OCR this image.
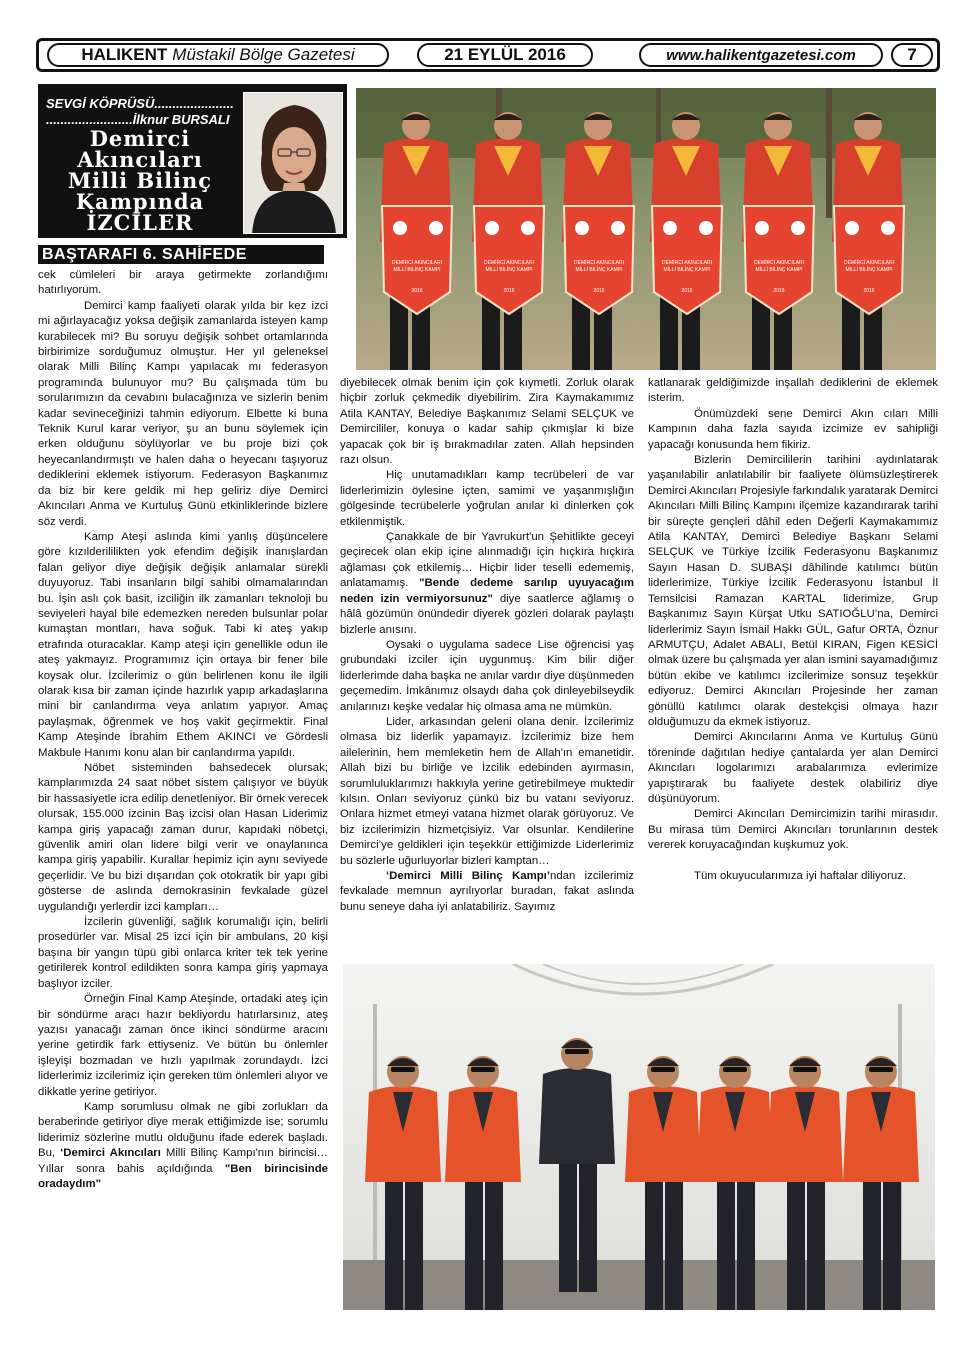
HALIKENT Müstakil Bölge Gazetesi	21 EYLÜL 2016	www.halikentgazetesi.com	7
SEVGİ KÖPRÜSÜ......................
........................İlknur BURSALI
Demirci
Akıncıları
Milli Bilinç
Kampında
İZCİLER
BAŞTARAFI 6. SAHİFEDE

cek cümleleri bir araya getirmekte zorlandığımı hatırlıyorum.

Demirci kamp faaliyeti olarak yılda bir kez izci mi ağırlayacağız yoksa değişik zamanlarda isteyen kamp kurabilecek mi? Bu soruyu değişik sohbet ortamlarında birbirimize sorduğumuz olmuştur. Her yıl geleneksel olarak Milli Bilinç Kampı yapılacak mı federasyon programında bulunuyor mu? Bu çalışmada tüm bu sorularımızın da cevabını bulacağınıza ve sizlerin benim kadar sevineceğinizi tahmin ediyorum. Elbette ki buna Teknik Kurul karar veriyor, şu an bunu söylemek için erken olduğunu söylüyorlar ve bu proje bizi çok heyecanlandırmıştı ve halen daha o heyecanı taşıyoruz dediklerini eklemek istiyorum. Federasyon Başkanımız da biz bir kere geldik mi hep geliriz diye Demirci Akıncıları Anma ve Kurtuluş Günü etkinliklerinde bizlere söz verdi.

Kamp Ateşi aslında kimi yanlış düşüncelere göre kızılderililikten yok efendim değişik inanışlardan falan geliyor diye değişik değişik anlamalar sürekli duyuyoruz. Tabi insanların bilgi sahibi olmamalarından bu. İşin aslı çok basit, izciliğin ilk zamanları teknoloji bu seviyeleri hayal bile edemezken nereden bulsunlar polar kumaştan montları, hava soğuk. Tabi ki ateş yakıp etrafında oturacaklar. Kamp ateşi için genellikle odun ile ateş yakmayız. Programımız için ortaya bir fener bile koysak olur. İzcilerimiz o gün belirlenen konu ile ilgili olarak kısa bir zaman içinde hazırlık yapıp arkadaşlarına mini bir canlandırma veya anlatım yapıyor. Amaç paylaşmak, öğrenmek ve hoş vakit geçirmektir. Final Kamp Ateşinde İbrahim Ethem AKINCI ve Gördesli Makbule Hanımı konu alan bir canlandırma yapıldı.

Nöbet sisteminden bahsedecek olursak; kamplarımızda 24 saat nöbet sistem çalışıyor ve büyük bir hassasiyetle icra edilip denetleniyor. Bir örnek verecek olursak, 155.000 izcinin Baş izcisi olan Hasan Liderimiz kampa giriş yapacağı zaman durur, kapıdaki nöbetçi, güvenlik amiri olan lidere bilgi verir ve onaylanınca kampa giriş yapabilir. Kurallar hepimiz için aynı seviyede geçerlidir. Ve bu bizi dışarıdan çok otokratik bir yapı gibi gösterse de aslında demokrasinin fevkalade güzel uygulandığı yerlerdir izci kampları…

İzcilerin güvenliği, sağlık korumalığı için, belirli prosedürler var. Misal 25 izci için bir ambulans, 20 kişi başına bir yangın tüpü gibi onlarca kriter tek tek yerine getirilerek kontrol edildikten sonra kampa giriş yapmaya başlıyor izciler.

Örneğin Final Kamp Ateşinde, ortadaki ateş için bir söndürme aracı hazır bekliyordu hatırlarsınız, ateş yazısı yanacağı zaman önce ikinci söndürme aracını yerine getirdik fark ettiyseniz. Ve bütün bu önlemler işleyişi bozmadan ve hızlı yapılmak zorundaydı. İzci liderlerimiz izcilerimiz için gereken tüm önlemleri alıyor ve dikkatle yerine getiriyor.

Kamp sorumlusu olmak ne gibi zorlukları da beraberinde getiriyor diye merak ettiğimizde ise; sorumlu liderimiz sözlerine mutlu olduğunu ifade ederek başladı. Bu, ‘Demirci Akıncıları Milli Bilinç Kampı'nın birincisi… Yıllar sonra bahis açıldığında "Ben birincisinde oradaydım"

DEMİRCİ AKINCILARI
MİLLİ BİLİNÇ KAMPI
2016
DEMİRCİ AKINCILARI
MİLLİ BİLİNÇ KAMPI
2016
DEMİRCİ AKINCILARI
MİLLİ BİLİNÇ KAMPI
2016
DEMİRCİ AKINCILARI
MİLLİ BİLİNÇ KAMPI
2016
DEMİRCİ AKINCILARI
MİLLİ BİLİNÇ KAMPI
2016
DEMİRCİ AKINCILARI
MİLLİ BİLİNÇ KAMPI
2016

diyebilecek olmak benim için çok kıymetli. Zorluk olarak hiçbir zorluk çekmedik diyebilirim. Zira Kaymakamımız Atila KANTAY, Belediye Başkanımız Selami SELÇUK ve Demircililer, konuya o kadar sahip çıkmışlar ki bize yapacak çok bir iş bırakmadılar zaten. Allah hepsinden razı olsun.

Hiç unutamadıkları kamp tecrübeleri de var liderlerimizin öylesine içten, samimi ve yaşanmışlığın gölgesinde tecrübelerle yoğrulan anılar ki dinlerken çok etkilenmiştik.

Çanakkale de bir Yavrukurt'un Şehitlikte geceyi geçirecek olan ekip içine alınmadığı için hıçkıra hıçkıra ağlaması çok etkilemiş… Hiçbir lider teselli edememiş, anlatamamış. "Bende dedeme sarılıp uyuyacağım neden izin vermiyorsunuz" diye saatlerce ağlamış o hâlâ gözümün önündedir diyerek gözleri dolarak paylaştı bizlerle anısını.

Oysaki o uygulama sadece Lise öğrencisi yaş grubundaki izciler için uygunmuş. Kim bilir diğer liderlerimde daha başka ne anılar vardır diye düşünmeden geçemedim. İmkânımız olsaydı daha çok dinleyebilseydik anılarınızı keşke vedalar hiç olmasa ama ne mümkün.

Lider, arkasından geleni olana denir. İzcilerimiz olmasa biz liderlik yapamayız. İzcilerimiz bize hem ailelerinin, hem memleketin hem de Allah'ın emanetidir. Allah bizi bu birliğe ve İzcilik edebinden ayırmasın, sorumluluklarımızı hakkıyla yerine getirebilmeye muktedir kılsın. Onları seviyoruz çünkü biz bu vatanı seviyoruz. Onlara hizmet etmeyi vatana hizmet olarak görüyoruz. Ve biz izcilerimizin hizmetçisiyiz. Var olsunlar. Kendilerine Demirci’ye geldikleri için teşekkür ettiğimizde Liderlerimiz bu sözlerle uğurluyorlar bizleri kamptan…

‘Demirci Milli Bilinç Kampı’ndan izcilerimiz fevkalade memnun ayrılıyorlar buradan, fakat aslında bunu seneye daha iyi anlatabiliriz. Sayımız

katlanarak geldiğimizde inşallah dediklerini de eklemek isterim.

Önümüzdeki sene Demirci Akın cıları Milli Kampının daha fazla sayıda izcimize ev sahipliği yapacağı konusunda hem fikiriz.

Bizlerin Demircililerin tarihini aydınlatarak yaşanılabilir anlatılabilir bir faaliyete ölümsüzleştirerek Demirci Akıncıları Projesiyle farkındalık yaratarak Demirci Akıncıları Milli Bilinç Kampını ilçemize kazandırarak tarihi bir süreçte gençleri dâhil eden Değerli Kaymakamımız Atila KANTAY, Demirci Belediye Başkanı Selami SELÇUK ve Türkiye İzcilik Federasyonu Başkanımız Sayın Hasan D. SUBAŞI dâhilinde katılımcı bütün liderlerimize, Türkiye İzcilik Federasyonu İstanbul İl Temsilcisi Ramazan KARTAL liderimize, Grup Başkanımız Sayın Kürşat Utku SATIOĞLU’na, Demirci liderlerimiz Sayın İsmail Hakkı GÜL, Gafur ORTA, Öznur ARMUTÇU, Adalet ABALI, Betül KIRAN, Figen KESİCİ olmak üzere bu çalışmada yer alan ismini sayamadığımız bütün ekibe ve katılımcı izcilerimize sonsuz teşekkür ediyoruz. Demirci Akıncıları Projesinde her zaman gönüllü katılımcı olarak destekçisi olmaya hazır olduğumuzu da ekmek istiyoruz.

Demirci Akıncılarını Anma ve Kurtuluş Günü töreninde dağıtılan hediye çantalarda yer alan Demirci Akıncıları logolarımızı arabalarımıza evlerimize yapıştırarak bu faaliyete destek olabiliriz diye düşünüyorum.

Demirci Akıncıları Demircimizin tarihi mirasıdır. Bu mirasa tüm Demirci Akıncıları torunlarının destek vererek koruyacağından kuşkumuz yok.

Tüm okuyucularımıza iyi haftalar diliyoruz.
